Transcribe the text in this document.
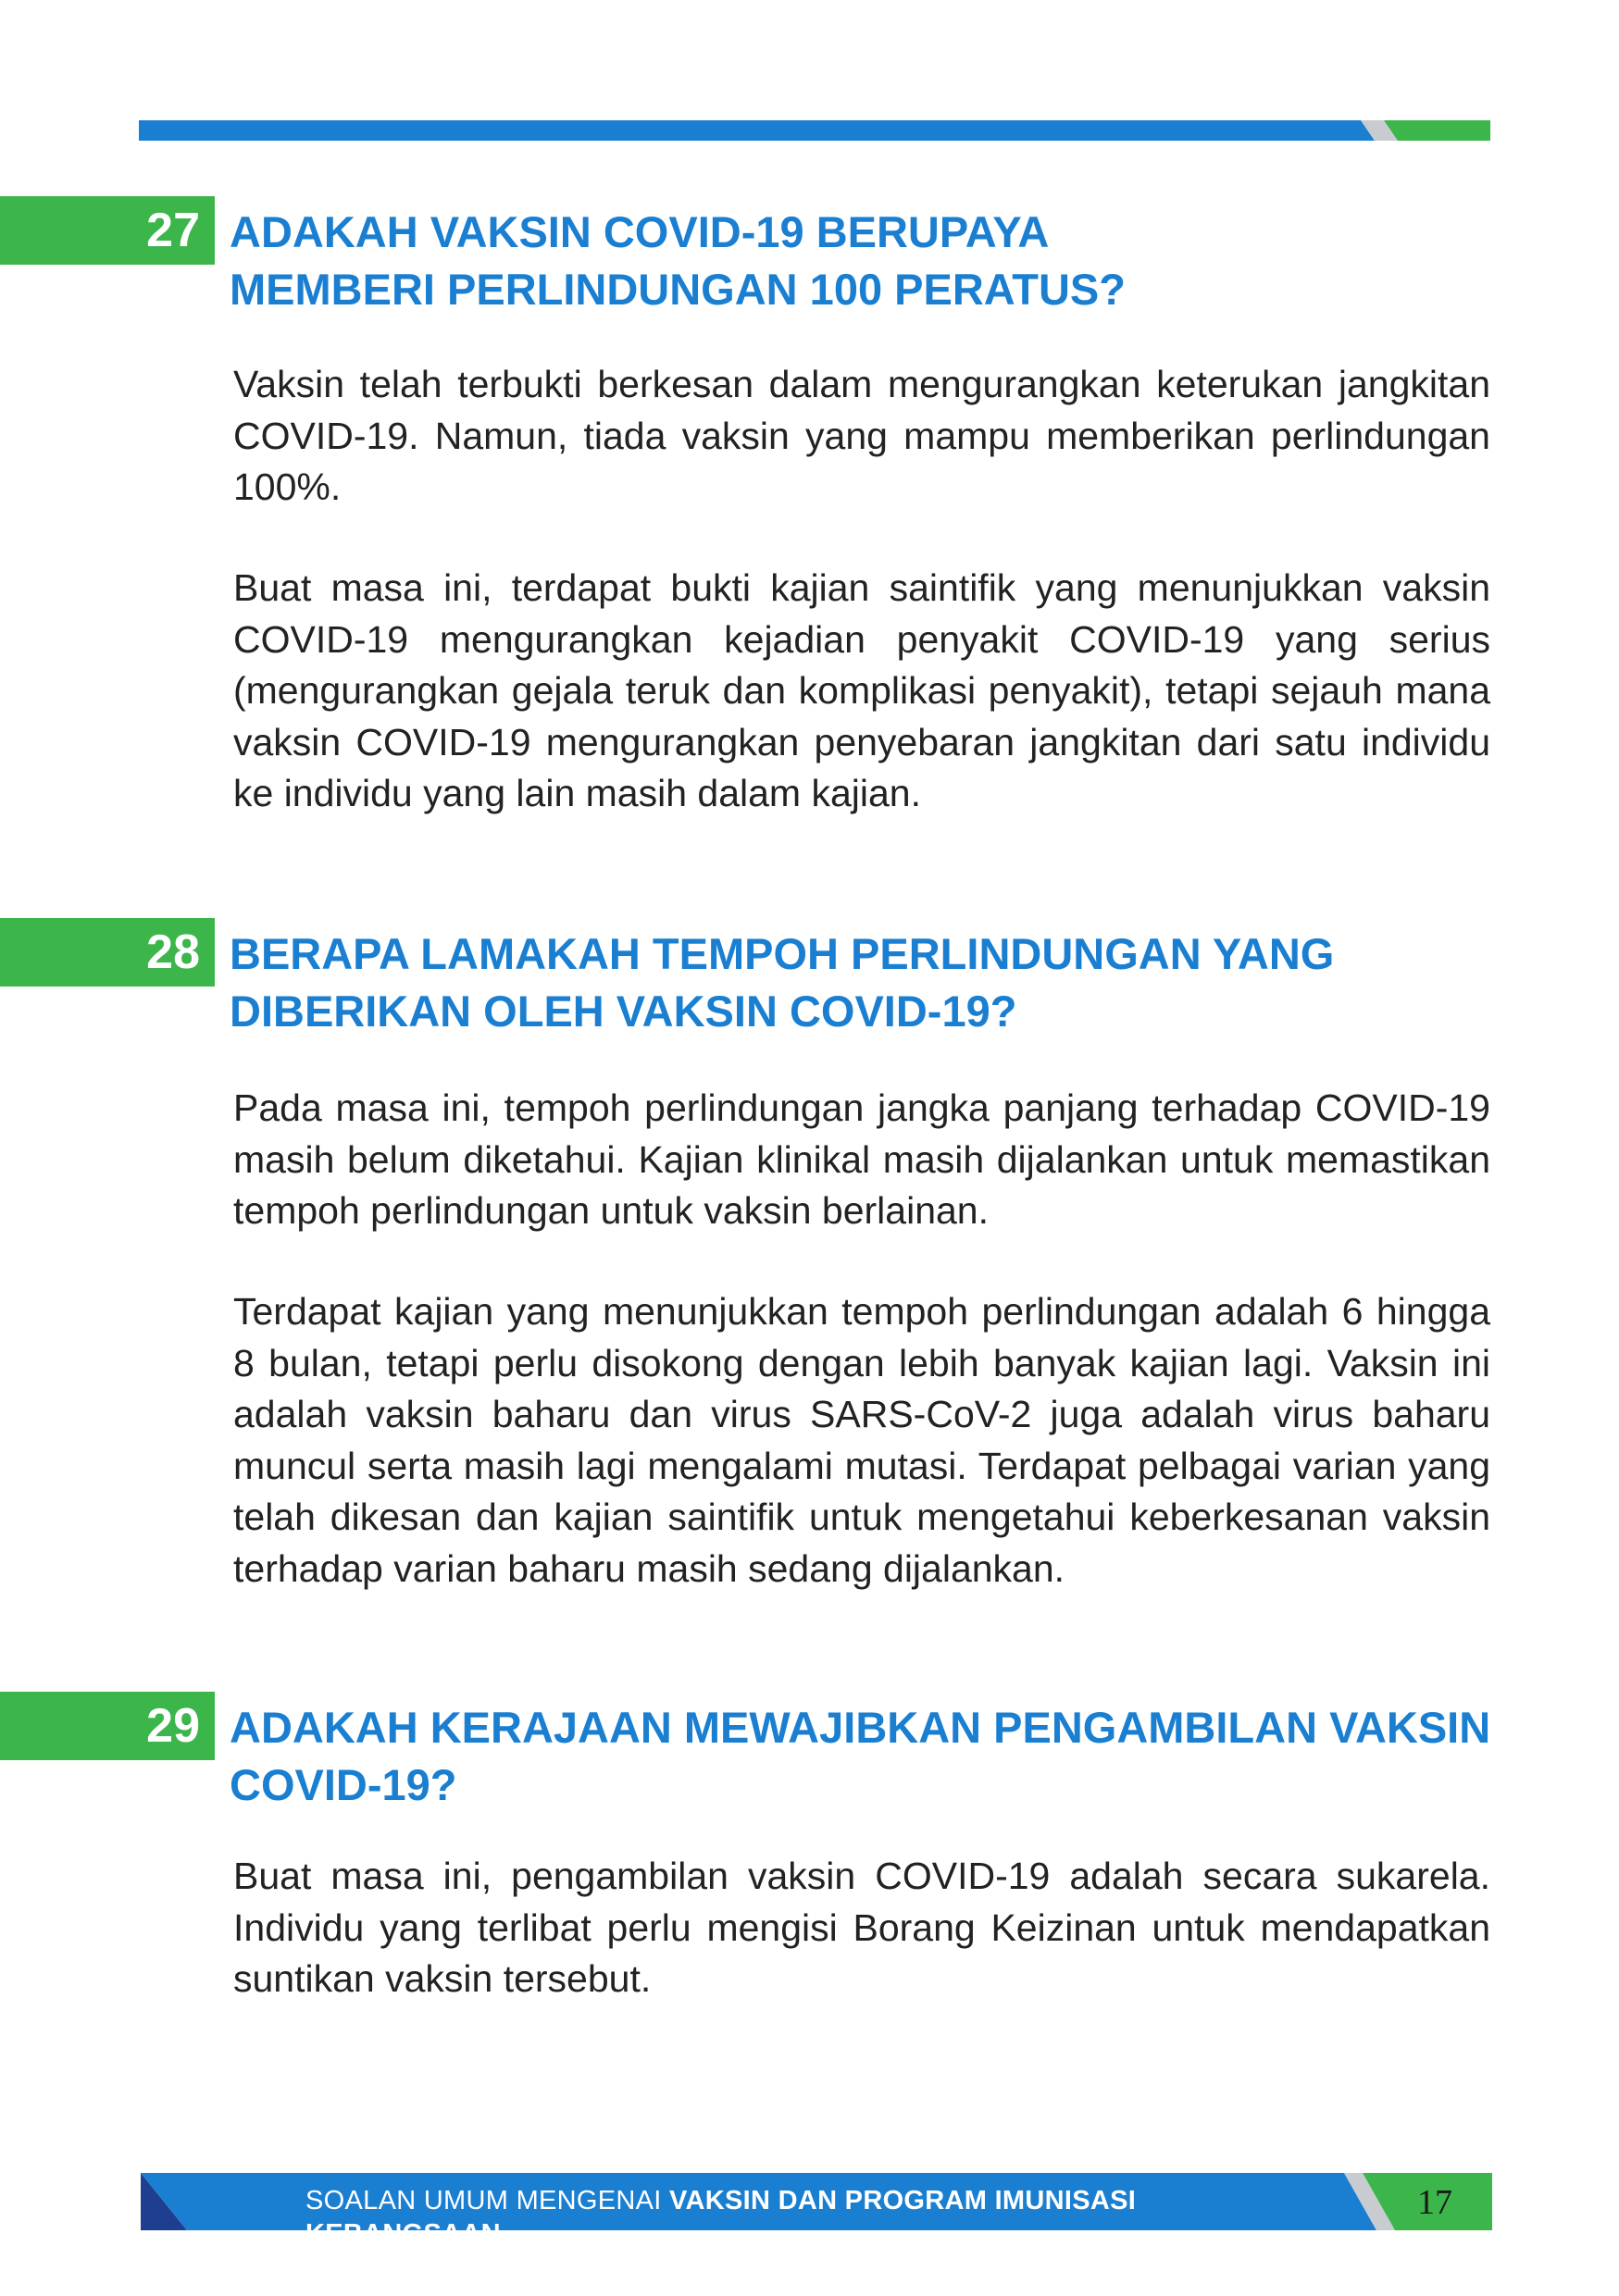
27 ADAKAH VAKSIN COVID-19 BERUPAYA MEMBERI PERLINDUNGAN 100 PERATUS?

Vaksin telah terbukti berkesan dalam mengurangkan keterukan jangkitan COVID-19. Namun, tiada vaksin yang mampu memberikan perlindungan 100%.

Buat masa ini, terdapat bukti kajian saintifik yang menunjukkan vaksin COVID-19 mengurangkan kejadian penyakit COVID-19 yang serius (mengurangkan gejala teruk dan komplikasi penyakit), tetapi sejauh mana vaksin COVID-19 mengurangkan penyebaran jangkitan dari satu individu ke individu yang lain masih dalam kajian.

28 BERAPA LAMAKAH TEMPOH PERLINDUNGAN YANG DIBERIKAN OLEH VAKSIN COVID-19?

Pada masa ini, tempoh perlindungan jangka panjang terhadap COVID-19 masih belum diketahui. Kajian klinikal masih dijalankan untuk memastikan tempoh perlindungan untuk vaksin berlainan.

Terdapat kajian yang menunjukkan tempoh perlindungan adalah 6 hingga 8 bulan, tetapi perlu disokong dengan lebih banyak kajian lagi. Vaksin ini adalah vaksin baharu dan virus SARS-CoV-2 juga adalah virus baharu muncul serta masih lagi mengalami mutasi. Terdapat pelbagai varian yang telah dikesan dan kajian saintifik untuk mengetahui keberkesanan vaksin terhadap varian baharu masih sedang dijalankan.

29 ADAKAH KERAJAAN MEWAJIBKAN PENGAMBILAN VAKSIN COVID-19?

Buat masa ini, pengambilan vaksin COVID-19 adalah secara sukarela. Individu yang terlibat perlu mengisi Borang Keizinan untuk mendapatkan suntikan vaksin tersebut.

SOALAN UMUM MENGENAI VAKSIN DAN PROGRAM IMUNISASI KEBANGSAAN
17
